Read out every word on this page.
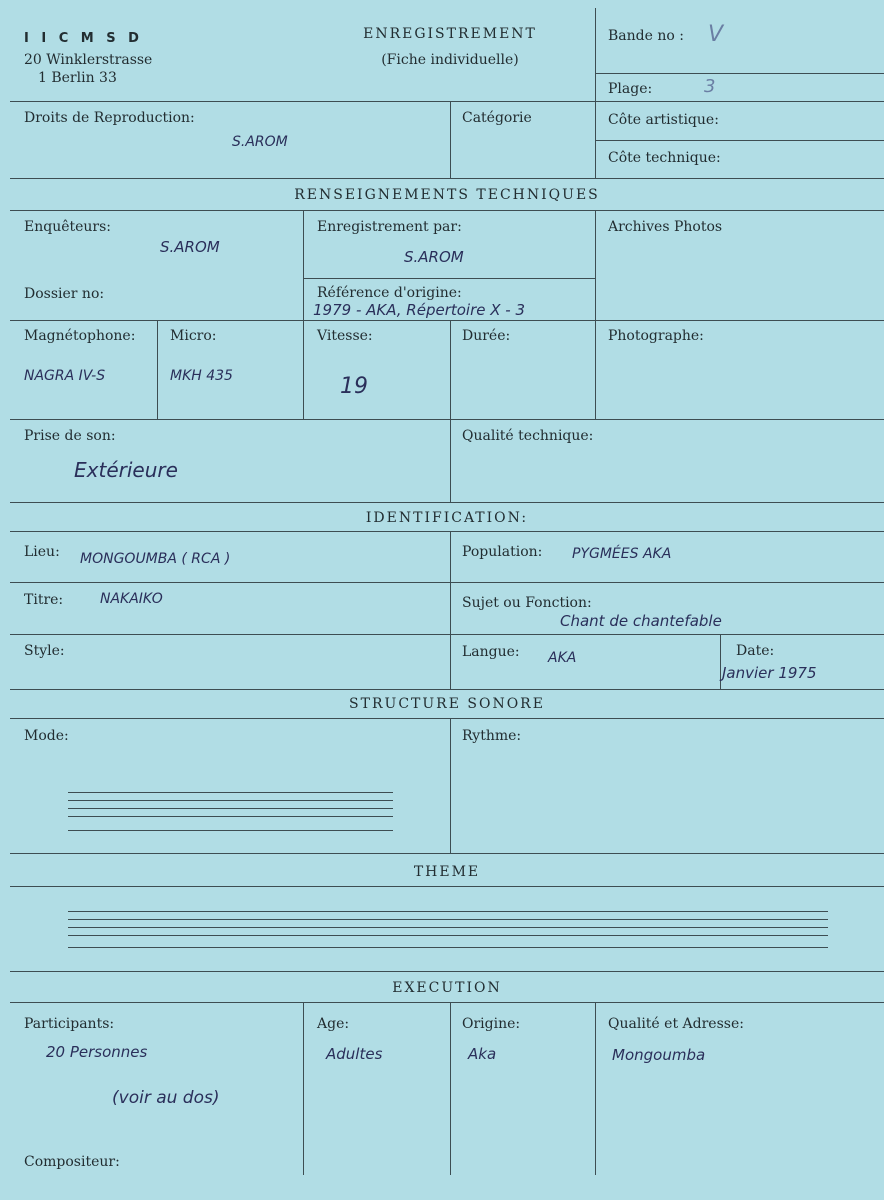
I I C M S D
20 Winklerstrasse
1 Berlin 33
ENREGISTREMENT
(Fiche individuelle)
Bande no : V
Plage:	3
Droits de Reproduction:
S.AROM
Catégorie	Côte artistique:
Côte technique:
RENSEIGNEMENTS TECHNIQUES
Enquêteurs:
S.AROM
Enregistrement par:
S.AROM
Archives Photos
Dossier no:	Référence d'origine:
1979 - AKA, Répertoire X - 3
Magnétophone:
NAGRA IV-S
Micro:
MKH 435
Vitesse:
19
Durée:	Photographe:
Prise de son:
Extérieure
Qualité technique:
IDENTIFICATION:
Lieu: MONGOUMBA ( RCA )	Population: PYGMÉES AKA
Titre:	NAKAIKO	Sujet ou Fonction:
Chant de chantefable
Style:	Langue: AKA	Date:
Janvier 1975
STRUCTURE SONORE
Mode:	Rythme:
THEME
EXECUTION
Participants:
20 Personnes
(voir au dos)
Age:
Adultes
Origine:
Aka
Qualité et Adresse:
Mongoumba
Compositeur:
